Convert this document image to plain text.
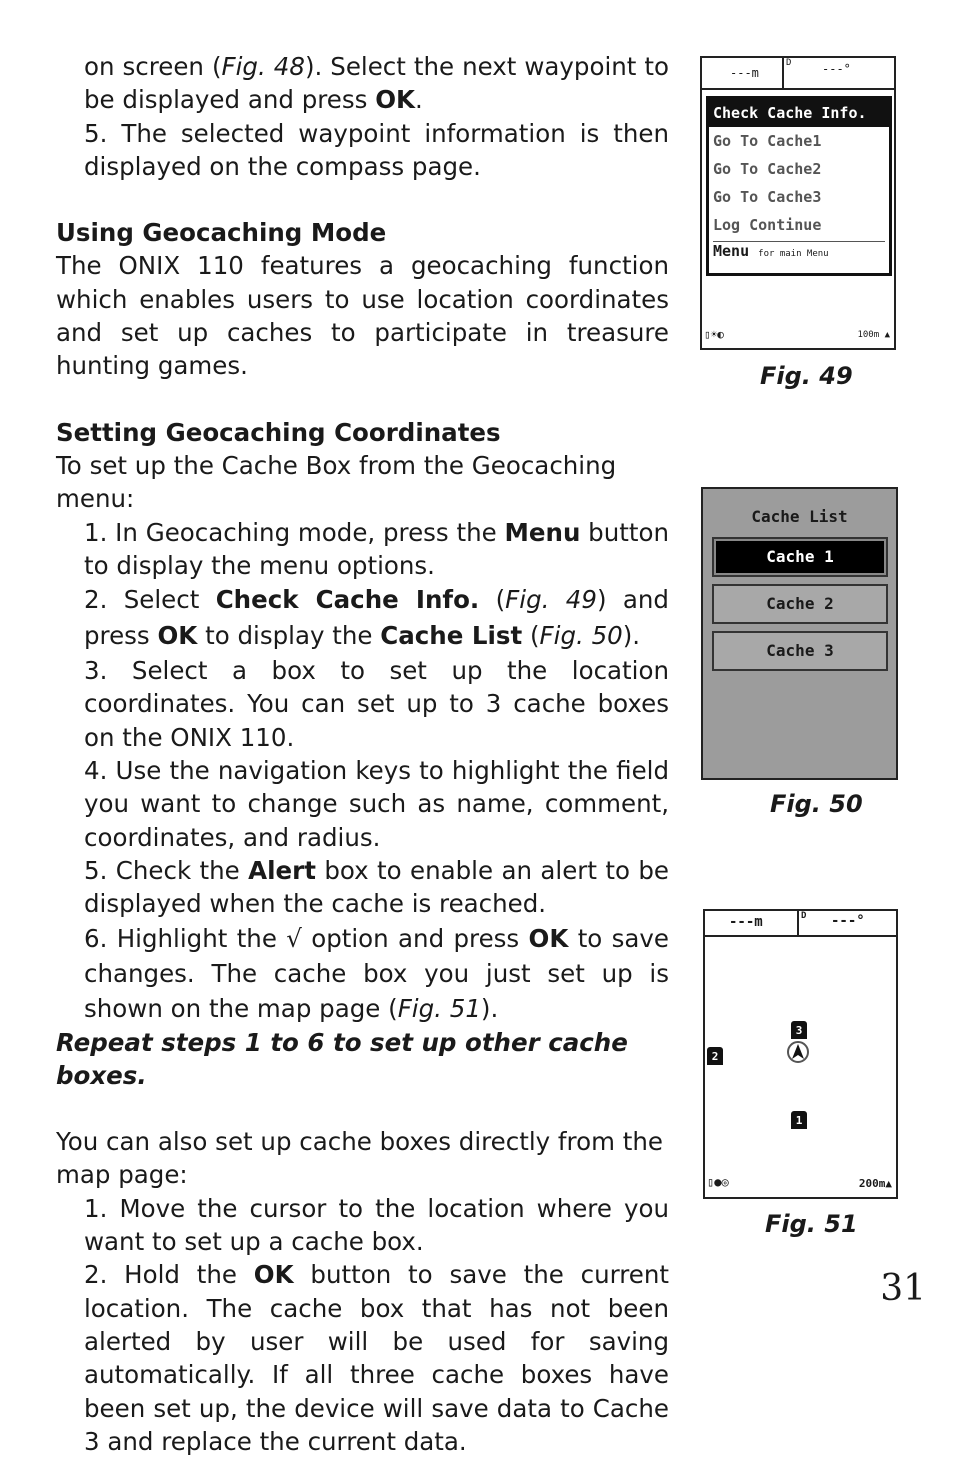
on screen (Fig. 48). Select the next waypoint to be displayed and press OK.

5. The selected waypoint information is then displayed on the compass page.

Using Geocaching Mode

The ONIX 110 features a geocaching function which enables users to use location coordinates and set up caches to participate in treasure hunting games.

Setting Geocaching Coordinates

To set up the Cache Box from the Geocaching menu:

1. In Geocaching mode, press the Menu button to display the menu options.

2. Select Check Cache Info. (Fig. 49) and press OK to display the Cache List (Fig. 50).

3. Select a box to set up the location coordinates. You can set up to 3 cache boxes on the ONIX 110.

4. Use the navigation keys to highlight the field you want to change such as name, comment, coordinates, and radius.

5. Check the Alert box to enable an alert to be displayed when the cache is reached.

6. Highlight the √ option and press OK to save changes. The cache box you just set up is shown on the map page (Fig. 51).

Repeat steps 1 to 6 to set up other cache boxes.

You can also set up cache boxes directly from the map page:

1. Move the cursor to the location where you want to set up a cache box.

2. Hold the OK button to save the current location. The cache box that has not been alerted by user will be used for saving automatically. If all three cache boxes have been set up, the device will save data to Cache 3 and replace the current data.

---m
D	---°
Check Cache Info.
Go To Cache1
Go To Cache2
Go To Cache3
Log Continue
Menu for main Menu
▯☀◐	100m ▲
Fig. 49
Cache List
Cache 1
Cache 2
Cache 3
Fig. 50
---m	D ---°
3
2
1
▯●◎	200m▲
Fig. 51
31
